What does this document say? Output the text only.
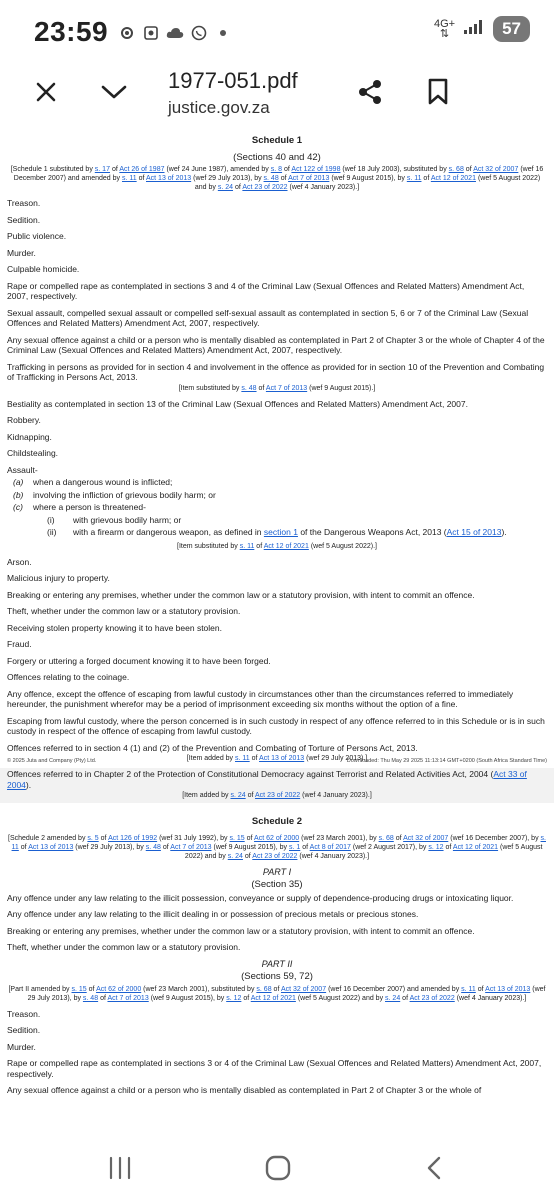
23:59	4G+
⇅	57
1977-051.pdf
justice.gov.za
Schedule 1
(Sections 40 and 42)

[Schedule 1 substituted by s. 17 of Act 26 of 1987 (wef 24 June 1987), amended by s. 8 of Act 122 of 1998 (wef 18 July 2003), substituted by s. 68 of Act 32 of 2007 (wef 16 December 2007) and amended by s. 11 of Act 13 of 2013 (wef 29 July 2013), by s. 48 of Act 7 of 2013 (wef 9 August 2015), by s. 11 of Act 12 of 2021 (wef 5 August 2022) and by s. 24 of Act 23 of 2022 (wef 4 January 2023).]

Treason.

Sedition.

Public violence.

Murder.

Culpable homicide.

Rape or compelled rape as contemplated in sections 3 and 4 of the Criminal Law (Sexual Offences and Related Matters) Amendment Act, 2007, respectively.

Sexual assault, compelled sexual assault or compelled self-sexual assault as contemplated in section 5, 6 or 7 of the Criminal Law (Sexual Offences and Related Matters) Amendment Act, 2007, respectively.

Any sexual offence against a child or a person who is mentally disabled as contemplated in Part 2 of Chapter 3 or the whole of Chapter 4 of the Criminal Law (Sexual Offences and Related Matters) Amendment Act, 2007, respectively.

Trafficking in persons as provided for in section 4 and involvement in the offence as provided for in section 10 of the Prevention and Combating of Trafficking in Persons Act, 2013.

[Item substituted by s. 48 of Act 7 of 2013 (wef 9 August 2015).]

Bestiality as contemplated in section 13 of the Criminal Law (Sexual Offences and Related Matters) Amendment Act, 2007.

Robbery.

Kidnapping.

Childstealing.

Assault-

(a)	when a dangerous wound is inflicted;
(b)	involving the infliction of grievous bodily harm; or
(c)	where a person is threatened-
(i)	with grievous bodily harm; or
(ii)	with a firearm or dangerous weapon, as defined in section 1 of the Dangerous Weapons Act, 2013 (Act 15 of 2013).

[Item substituted by s. 11 of Act 12 of 2021 (wef 5 August 2022).]

Arson.

Malicious injury to property.

Breaking or entering any premises, whether under the common law or a statutory provision, with intent to commit an offence.

Theft, whether under the common law or a statutory provision.

Receiving stolen property knowing it to have been stolen.

Fraud.

Forgery or uttering a forged document knowing it to have been forged.

Offences relating to the coinage.

Any offence, except the offence of escaping from lawful custody in circumstances other than the circumstances referred to immediately hereunder, the punishment wherefor may be a period of imprisonment exceeding six months without the option of a fine.

Escaping from lawful custody, where the person concerned is in such custody in respect of any offence referred to in this Schedule or is in such custody in respect of the offence of escaping from lawful custody.

Offences referred to in section 4 (1) and (2) of the Prevention and Combating of Torture of Persons Act, 2013.

[Item added by s. 11 of Act 13 of 2013 (wef 29 July 2013).]

Offences referred to in Chapter 2 of the Protection of Constitutional Democracy against Terrorist and Related Activities Act, 2004 (Act 33 of 2004).

[Item added by s. 24 of Act 23 of 2022 (wef 4 January 2023).]

© 2025 Juta and Company (Pty) Ltd.	Downloaded: Thu May 29 2025 11:13:14 GMT+0200 (South Africa Standard Time)
Schedule 2

[Schedule 2 amended by s. 5 of Act 126 of 1992 (wef 31 July 1992), by s. 15 of Act 62 of 2000 (wef 23 March 2001), by s. 68 of Act 32 of 2007 (wef 16 December 2007), by s. 11 of Act 13 of 2013 (wef 29 July 2013), by s. 48 of Act 7 of 2013 (wef 9 August 2015), by s. 1 of Act 8 of 2017 (wef 2 August 2017), by s. 12 of Act 12 of 2021 (wef 5 August 2022) and by s. 24 of Act 23 of 2022 (wef 4 January 2023).]

PART I
(Section 35)

Any offence under any law relating to the illicit possession, conveyance or supply of dependence-producing drugs or intoxicating liquor.

Any offence under any law relating to the illicit dealing in or possession of precious metals or precious stones.

Breaking or entering any premises, whether under the common law or a statutory provision, with intent to commit an offence.

Theft, whether under the common law or a statutory provision.

PART II
(Sections 59, 72)

[Part II amended by s. 15 of Act 62 of 2000 (wef 23 March 2001), substituted by s. 68 of Act 32 of 2007 (wef 16 December 2007) and amended by s. 11 of Act 13 of 2013 (wef 29 July 2013), by s. 48 of Act 7 of 2013 (wef 9 August 2015), by s. 12 of Act 12 of 2021 (wef 5 August 2022) and by s. 24 of Act 23 of 2022 (wef 4 January 2023).]

Treason.

Sedition.

Murder.

Rape or compelled rape as contemplated in sections 3 or 4 of the Criminal Law (Sexual Offences and Related Matters) Amendment Act, 2007, respectively.

Any sexual offence against a child or a person who is mentally disabled as contemplated in Part 2 of Chapter 3 or the whole of
